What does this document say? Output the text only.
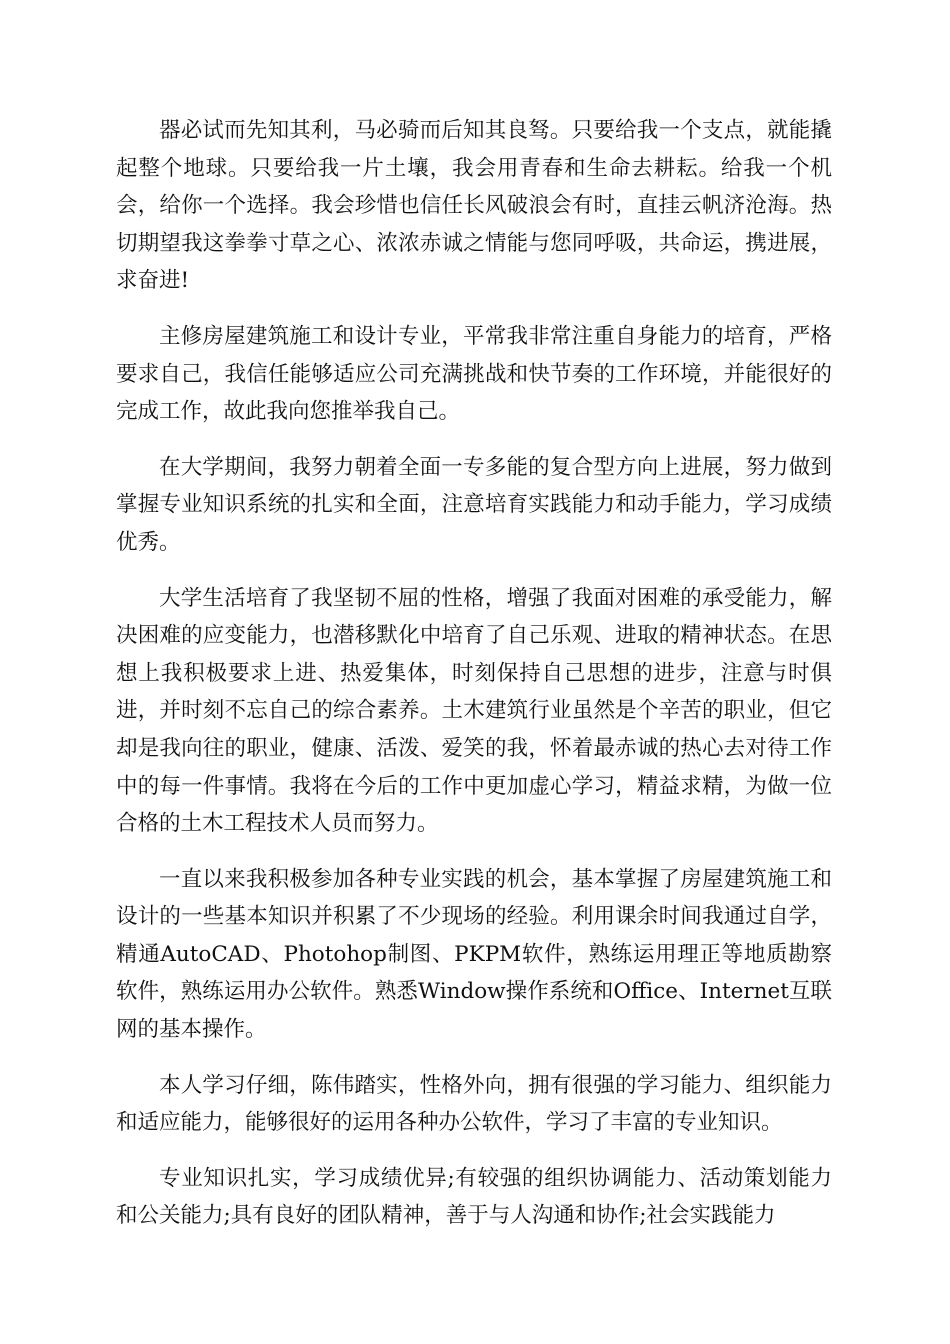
器必试而先知其利，马必骑而后知其良驽。只要给我一个支点，就能撬起整个地球。只要给我一片土壤，我会用青春和生命去耕耘。给我一个机会，给你一个选择。我会珍惜也信任长风破浪会有时，直挂云帆济沧海。热切期望我这拳拳寸草之心、浓浓赤诚之情能与您同呼吸，共命运，携进展，求奋进!

主修房屋建筑施工和设计专业，平常我非常注重自身能力的培育，严格要求自己，我信任能够适应公司充满挑战和快节奏的工作环境，并能很好的完成工作，故此我向您推举我自己。

在大学期间，我努力朝着全面一专多能的复合型方向上进展，努力做到掌握专业知识系统的扎实和全面，注意培育实践能力和动手能力，学习成绩优秀。

大学生活培育了我坚韧不屈的性格，增强了我面对困难的承受能力，解决困难的应变能力，也潜移默化中培育了自己乐观、进取的精神状态。在思想上我积极要求上进、热爱集体，时刻保持自己思想的进步，注意与时俱进，并时刻不忘自己的综合素养。土木建筑行业虽然是个辛苦的职业，但它却是我向往的职业，健康、活泼、爱笑的我，怀着最赤诚的热心去对待工作中的每一件事情。我将在今后的工作中更加虚心学习，精益求精，为做一位合格的土木工程技术人员而努力。

一直以来我积极参加各种专业实践的机会，基本掌握了房屋建筑施工和设计的一些基本知识并积累了不少现场的经验。利用课余时间我通过自学，精通AutoCAD、Photohop制图、PKPM软件，熟练运用理正等地质勘察软件，熟练运用办公软件。熟悉Window操作系统和Office、Internet互联网的基本操作。

本人学习仔细，陈伟踏实，性格外向，拥有很强的学习能力、组织能力和适应能力，能够很好的运用各种办公软件，学习了丰富的专业知识。

专业知识扎实，学习成绩优异;有较强的组织协调能力、活动策划能力和公关能力;具有良好的团队精神，善于与人沟通和协作;社会实践能力
